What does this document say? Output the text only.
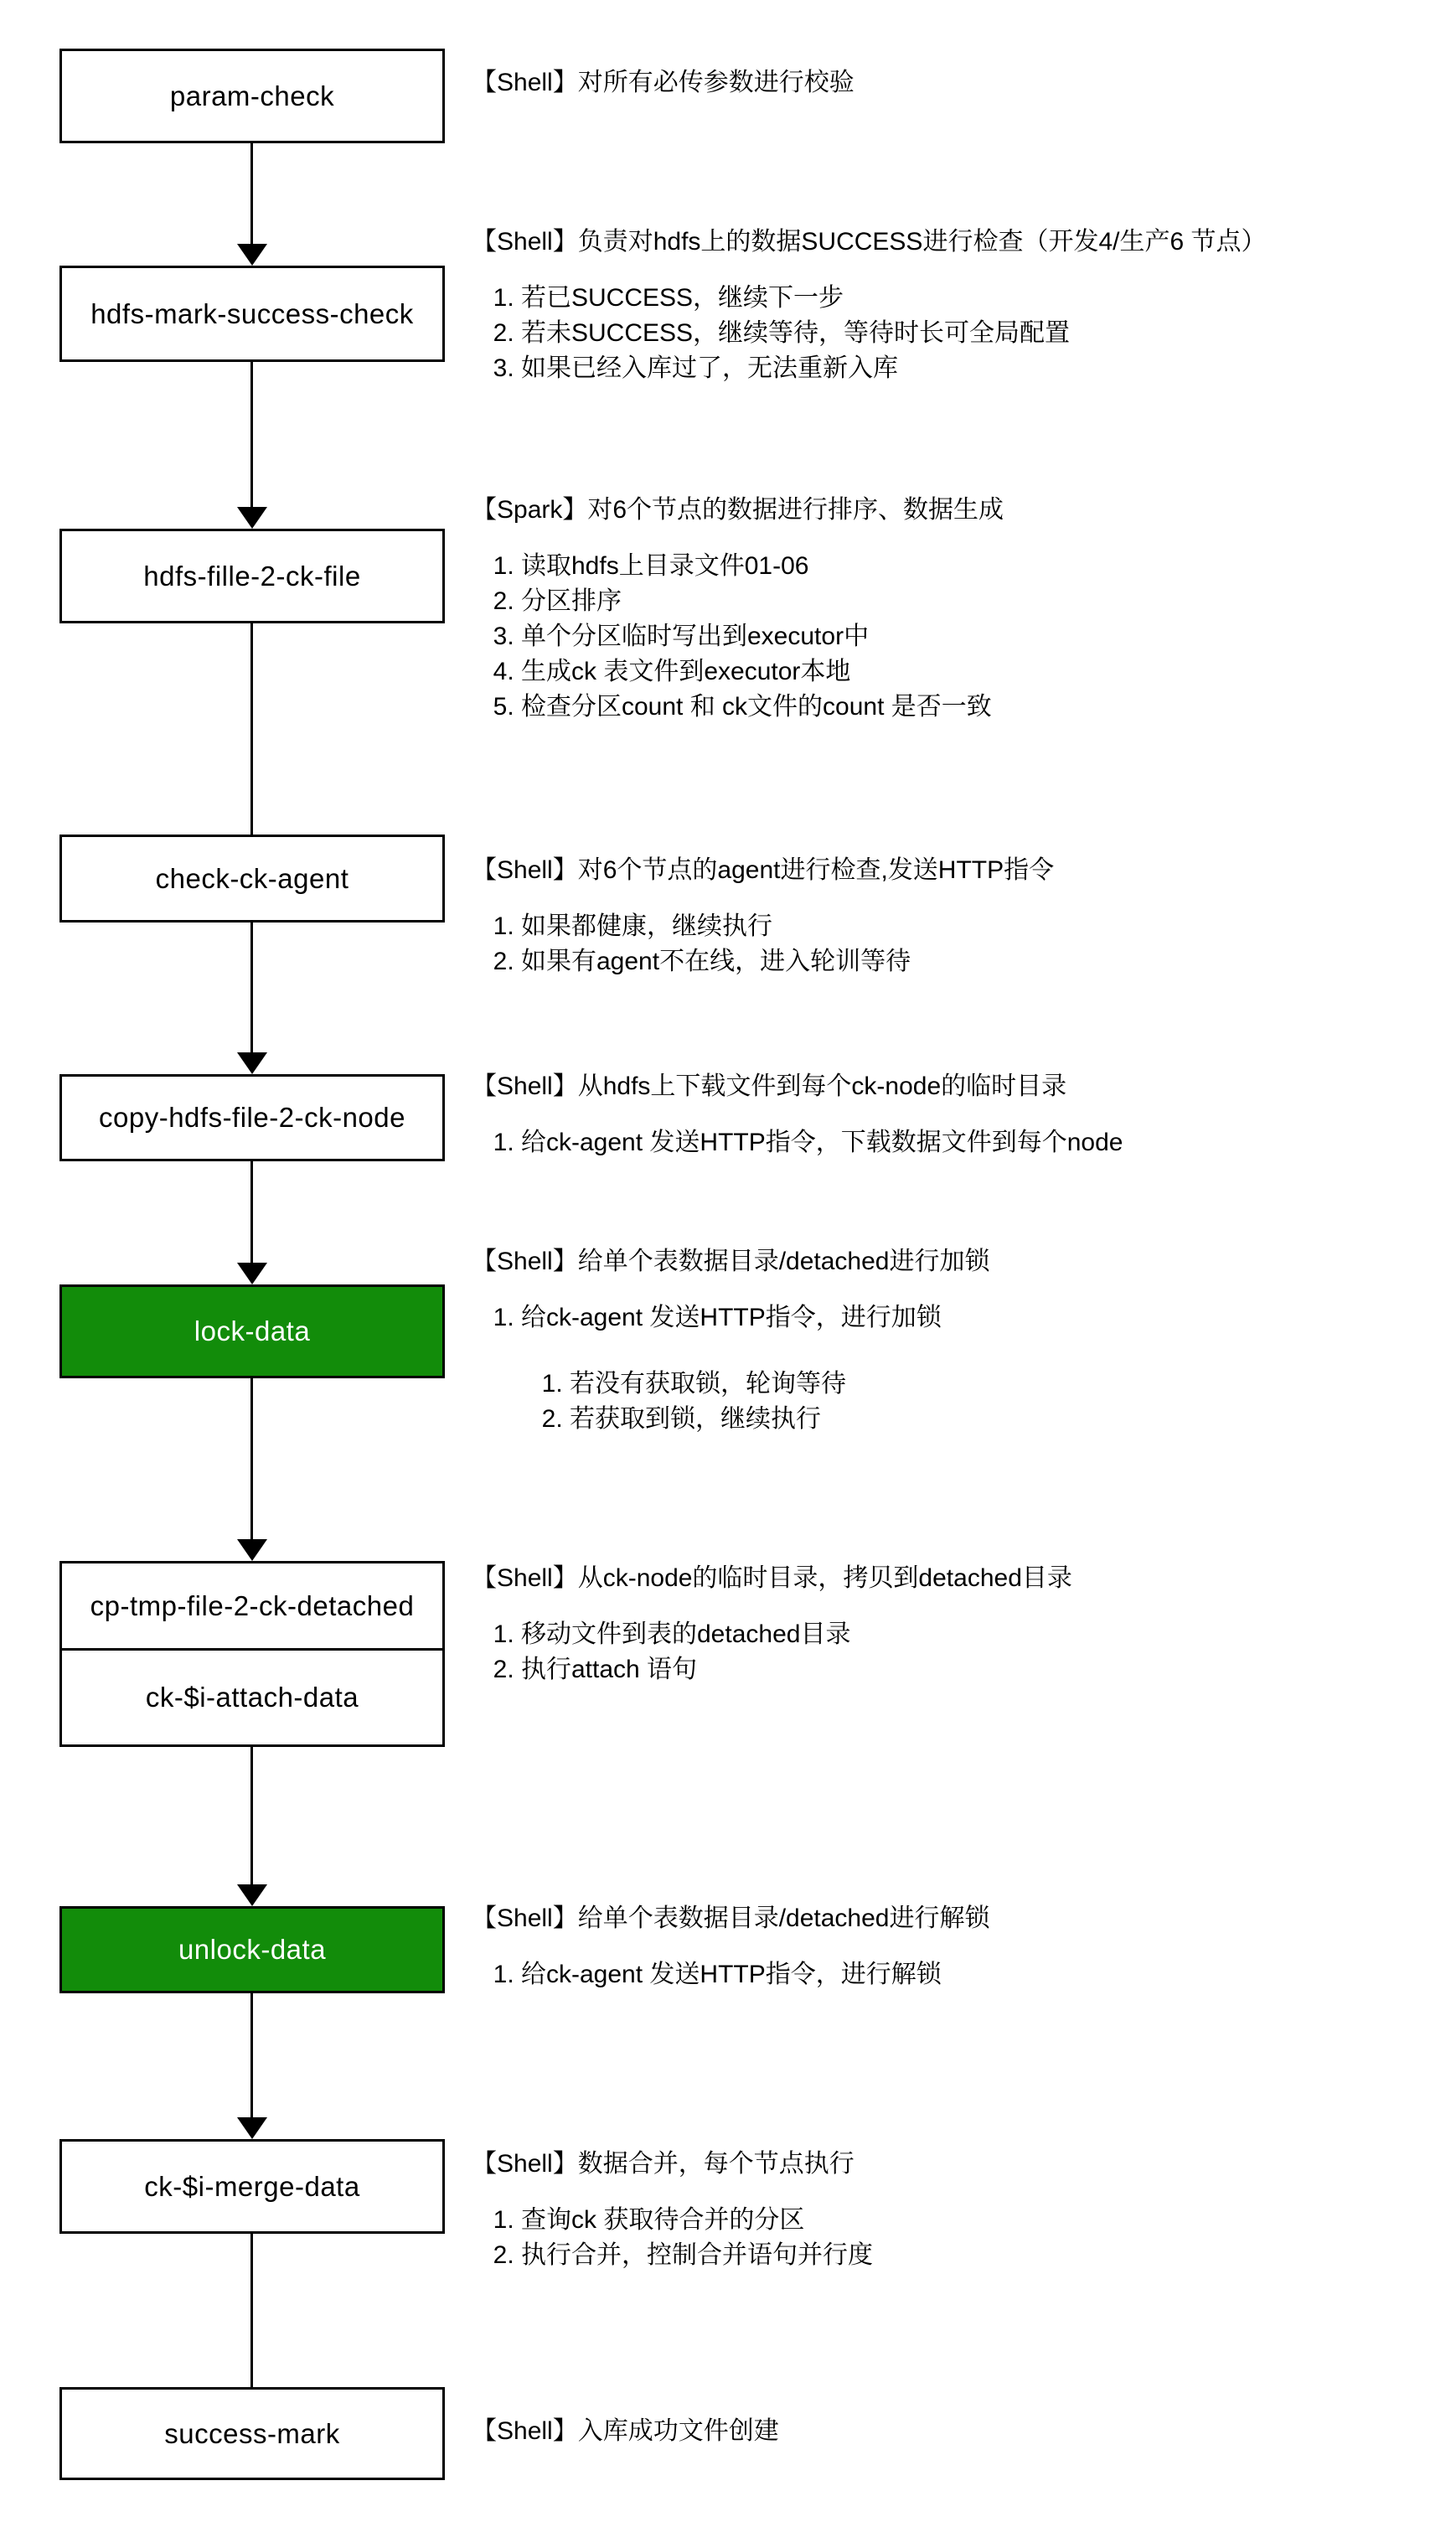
param-check
hdfs-mark-success-check
hdfs-fille-2-ck-file
check-ck-agent
copy-hdfs-file-2-ck-node
lock-data
cp-tmp-file-2-ck-detached
ck-$i-attach-data
unlock-data
ck-$i-merge-data
success-mark
【Shell】对所有必传参数进行校验
【Shell】负责对hdfs上的数据SUCCESS进行检查（开发4/生产6 节点）
1. 若已SUCCESS，继续下一步
2. 若未SUCCESS，继续等待，等待时长可全局配置
3. 如果已经入库过了，无法重新入库
【Spark】对6个节点的数据进行排序、数据生成
1. 读取hdfs上目录文件01-06
2. 分区排序
3. 单个分区临时写出到executor中
4. 生成ck 表文件到executor本地
5. 检查分区count 和 ck文件的count 是否一致
【Shell】对6个节点的agent进行检查,发送HTTP指令
1. 如果都健康，继续执行
2. 如果有agent不在线，进入轮训等待
【Shell】从hdfs上下载文件到每个ck-node的临时目录
1. 给ck-agent 发送HTTP指令，下载数据文件到每个node
【Shell】给单个表数据目录/detached进行加锁
1. 给ck-agent 发送HTTP指令，进行加锁
1. 若没有获取锁，轮询等待
2. 若获取到锁，继续执行
【Shell】从ck-node的临时目录，拷贝到detached目录
1. 移动文件到表的detached目录
2. 执行attach 语句
【Shell】给单个表数据目录/detached进行解锁
1. 给ck-agent 发送HTTP指令，进行解锁
【Shell】数据合并，每个节点执行
1. 查询ck 获取待合并的分区
2. 执行合并，控制合并语句并行度
【Shell】入库成功文件创建
